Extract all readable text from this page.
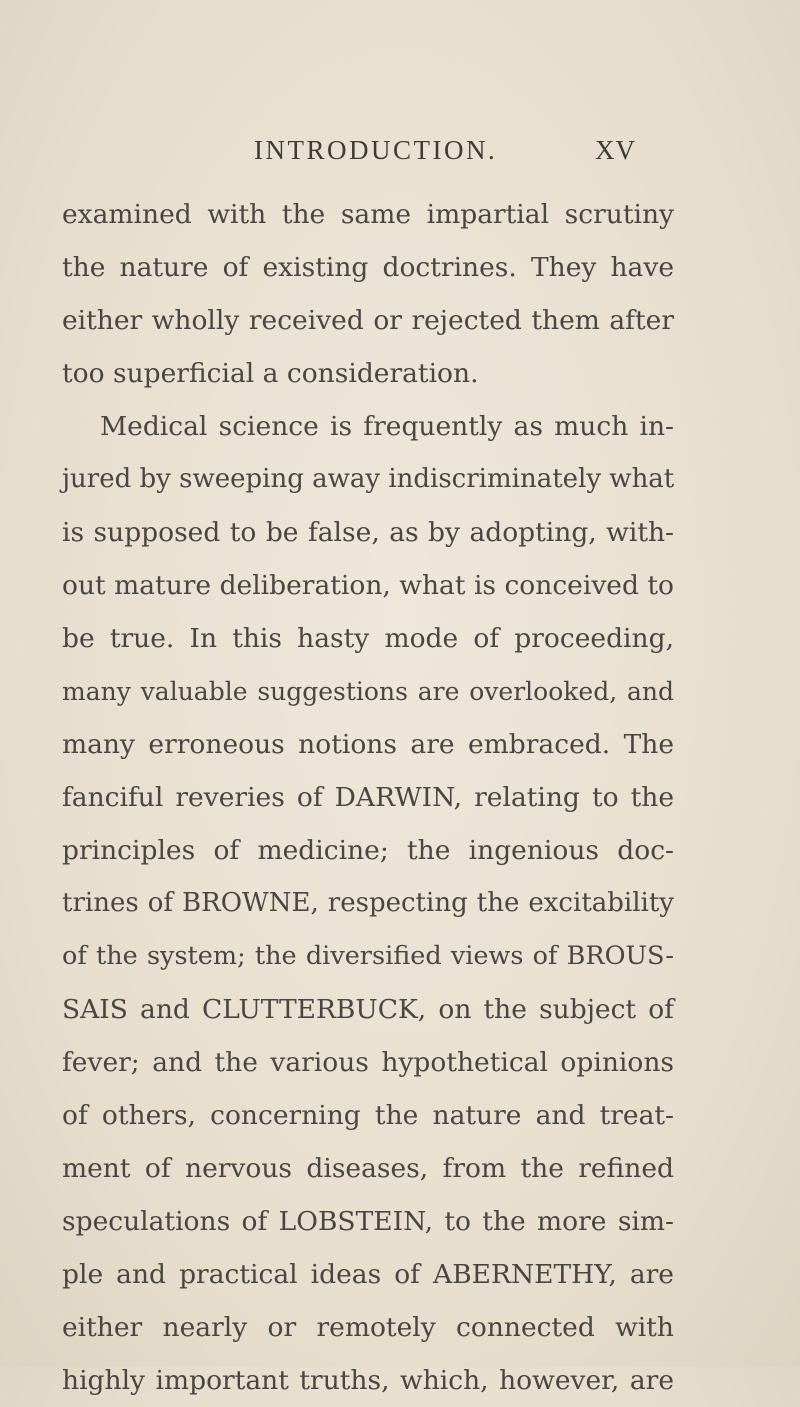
INTRODUCTION.	XV
examined with the same impartial scrutiny
the nature of existing doctrines. They have
either wholly received or rejected them after
too superficial a consideration.
Medical science is frequently as much in-
jured by sweeping away indiscriminately what
is supposed to be false, as by adopting, with-
out mature deliberation, what is conceived to
be true. In this hasty mode of proceeding,
many valuable suggestions are overlooked, and
many erroneous notions are embraced. The
fanciful reveries of DARWIN, relating to the
principles of medicine; the ingenious doc-
trines of BROWNE, respecting the excitability
of the system; the diversified views of BROUS-
SAIS and CLUTTERBUCK, on the subject of
fever; and the various hypothetical opinions
of others, concerning the nature and treat-
ment of nervous diseases, from the refined
speculations of LOBSTEIN, to the more sim-
ple and practical ideas of ABERNETHY, are
either nearly or remotely connected with
highly important truths, which, however, are
